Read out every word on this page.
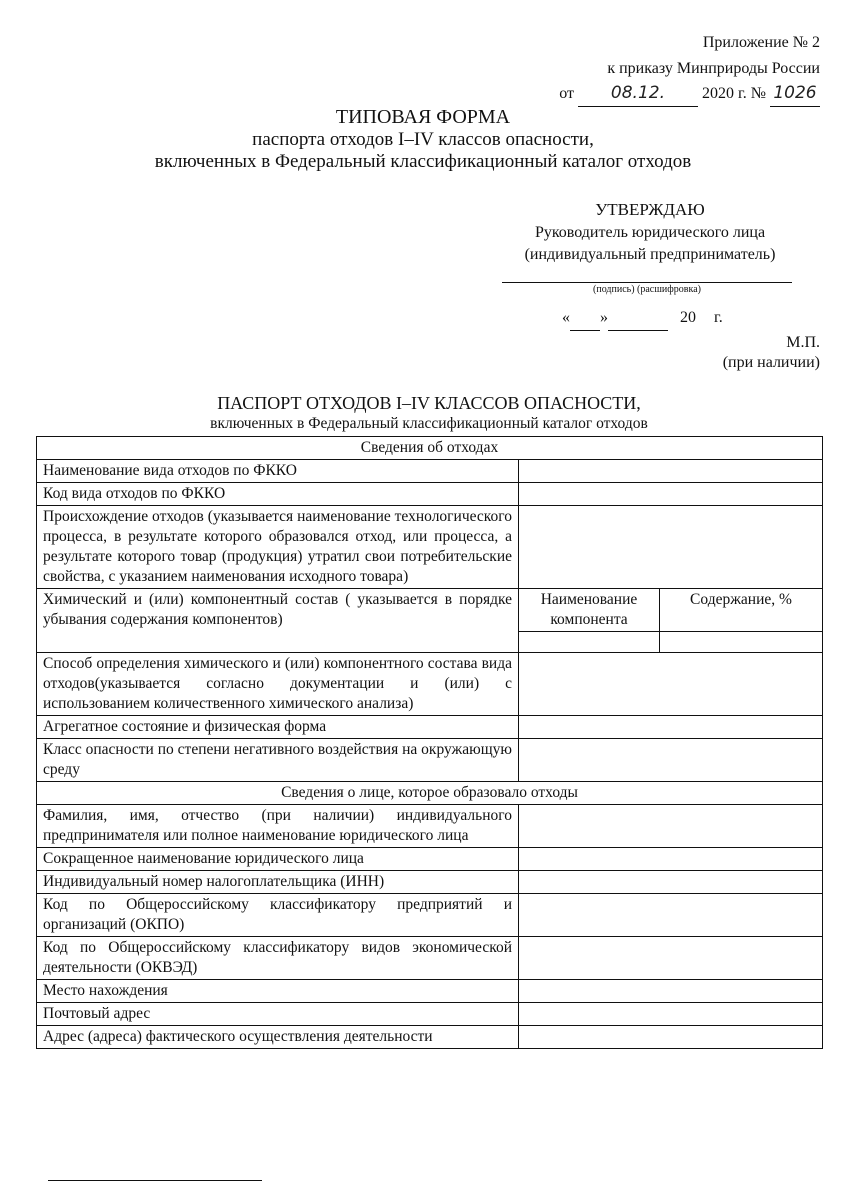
Приложение № 2
к приказу Минприроды России
от 08.12. 2020 г. № 1026
ТИПОВАЯ ФОРМА
паспорта отходов I–IV классов опасности,
включенных в Федеральный классификационный каталог отходов
УТВЕРЖДАЮ
Руководитель юридического лица
(индивидуальный предприниматель)
(подпись) (расшифровка)
« »	20 г.
М.П.
(при наличии)
ПАСПОРТ ОТХОДОВ I–IV КЛАССОВ ОПАСНОСТИ,
включенных в Федеральный классификационный каталог отходов
Сведения об отходах		
Наименование вида отходов по ФККО		
Код вида отходов по ФККО		
Происхождение отходов (указывается наименование технологического процесса, в результате которого образовался отход, или процесса, а результате которого товар (продукция) утратил свои потребительские свойства, с указанием наименования исходного товара)		
Химический и (или) компонентный состав ( указывается в порядке убывания содержания компонентов)	Наименование компонента	Содержание, %

Способ определения химического и (или) компонентного состава вида отходов(указывается согласно документации и (или) с использованием количественного химического анализа)		
Агрегатное состояние и физическая форма		
Класс опасности по степени негативного воздействия на окружающую среду		
Сведения о лице, которое образовало отходы		
Фамилия, имя, отчество (при наличии) индивидуального предпринимателя или полное наименование юридического лица		
Сокращенное наименование юридического лица		
Индивидуальный номер налогоплательщика (ИНН)		
Код по Общероссийскому классификатору предприятий и организаций (ОКПО)		
Код по Общероссийскому классификатору видов экономической деятельности (ОКВЭД)		
Место нахождения		
Почтовый адрес		
Адрес (адреса) фактического осуществления деятельности		
